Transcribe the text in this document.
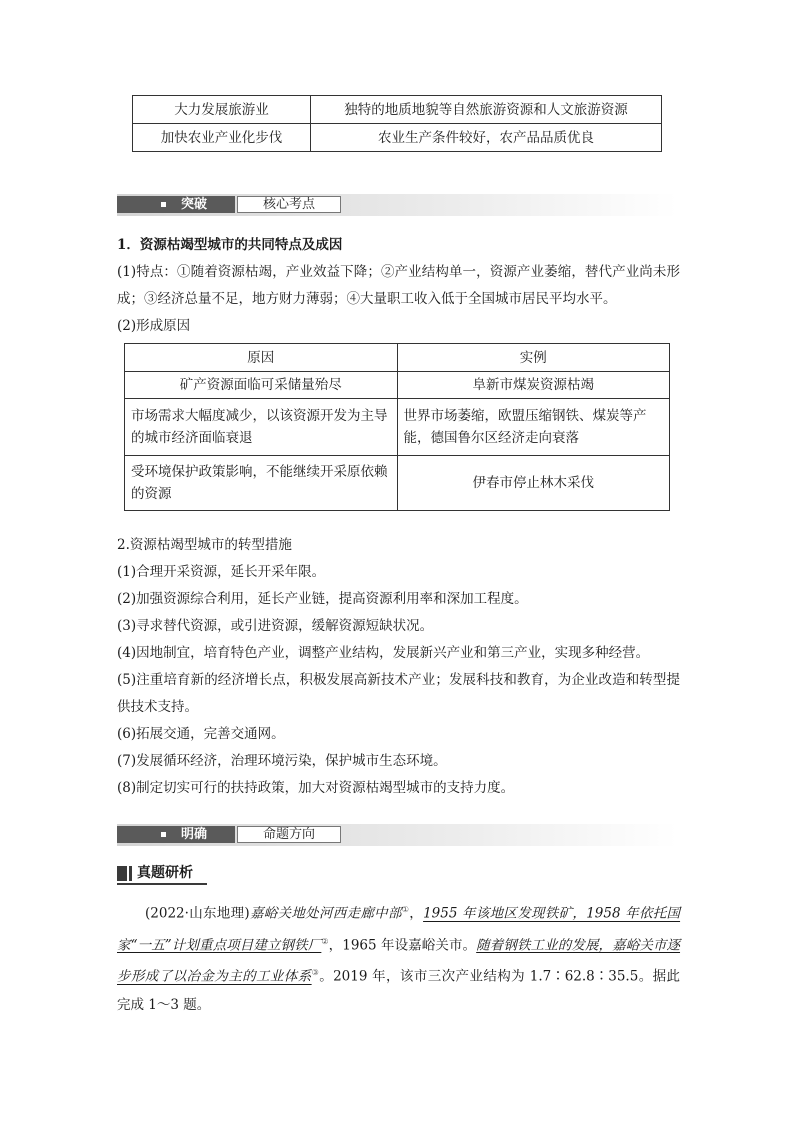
大力发展旅游业	独特的地质地貌等自然旅游资源和人文旅游资源
加快农业产业化步伐	农业生产条件较好，农产品品质优良
突破	核心考点
1．资源枯竭型城市的共同特点及成因
(1)特点：①随着资源枯竭，产业效益下降；②产业结构单一，资源产业萎缩，替代产业尚未形成；③经济总量不足，地方财力薄弱；④大量职工收入低于全国城市居民平均水平。
(2)形成原因
原因	实例
矿产资源面临可采储量殆尽	阜新市煤炭资源枯竭
市场需求大幅度减少，以该资源开发为主导的城市经济面临衰退	世界市场萎缩，欧盟压缩钢铁、煤炭等产能，德国鲁尔区经济走向衰落
受环境保护政策影响，不能继续开采原依赖的资源	伊春市停止林木采伐
2.资源枯竭型城市的转型措施
(1)合理开采资源，延长开采年限。
(2)加强资源综合利用，延长产业链，提高资源利用率和深加工程度。
(3)寻求替代资源，或引进资源，缓解资源短缺状况。
(4)因地制宜，培育特色产业，调整产业结构，发展新兴产业和第三产业，实现多种经营。
(5)注重培育新的经济增长点，积极发展高新技术产业；发展科技和教育，为企业改造和转型提供技术支持。
(6)拓展交通，完善交通网。
(7)发展循环经济，治理环境污染，保护城市生态环境。
(8)制定切实可行的扶持政策，加大对资源枯竭型城市的支持力度。
明确	命题方向
真题研析
(2022·山东地理)嘉峪关地处河西走廊中部①，1955 年该地区发现铁矿，1958 年依托国家“一五”计划重点项目建立钢铁厂②，1965 年设嘉峪关市。随着钢铁工业的发展，嘉峪关市逐步形成了以冶金为主的工业体系③。2019 年，该市三次产业结构为 1.7∶62.8∶35.5。据此完成 1～3 题。
